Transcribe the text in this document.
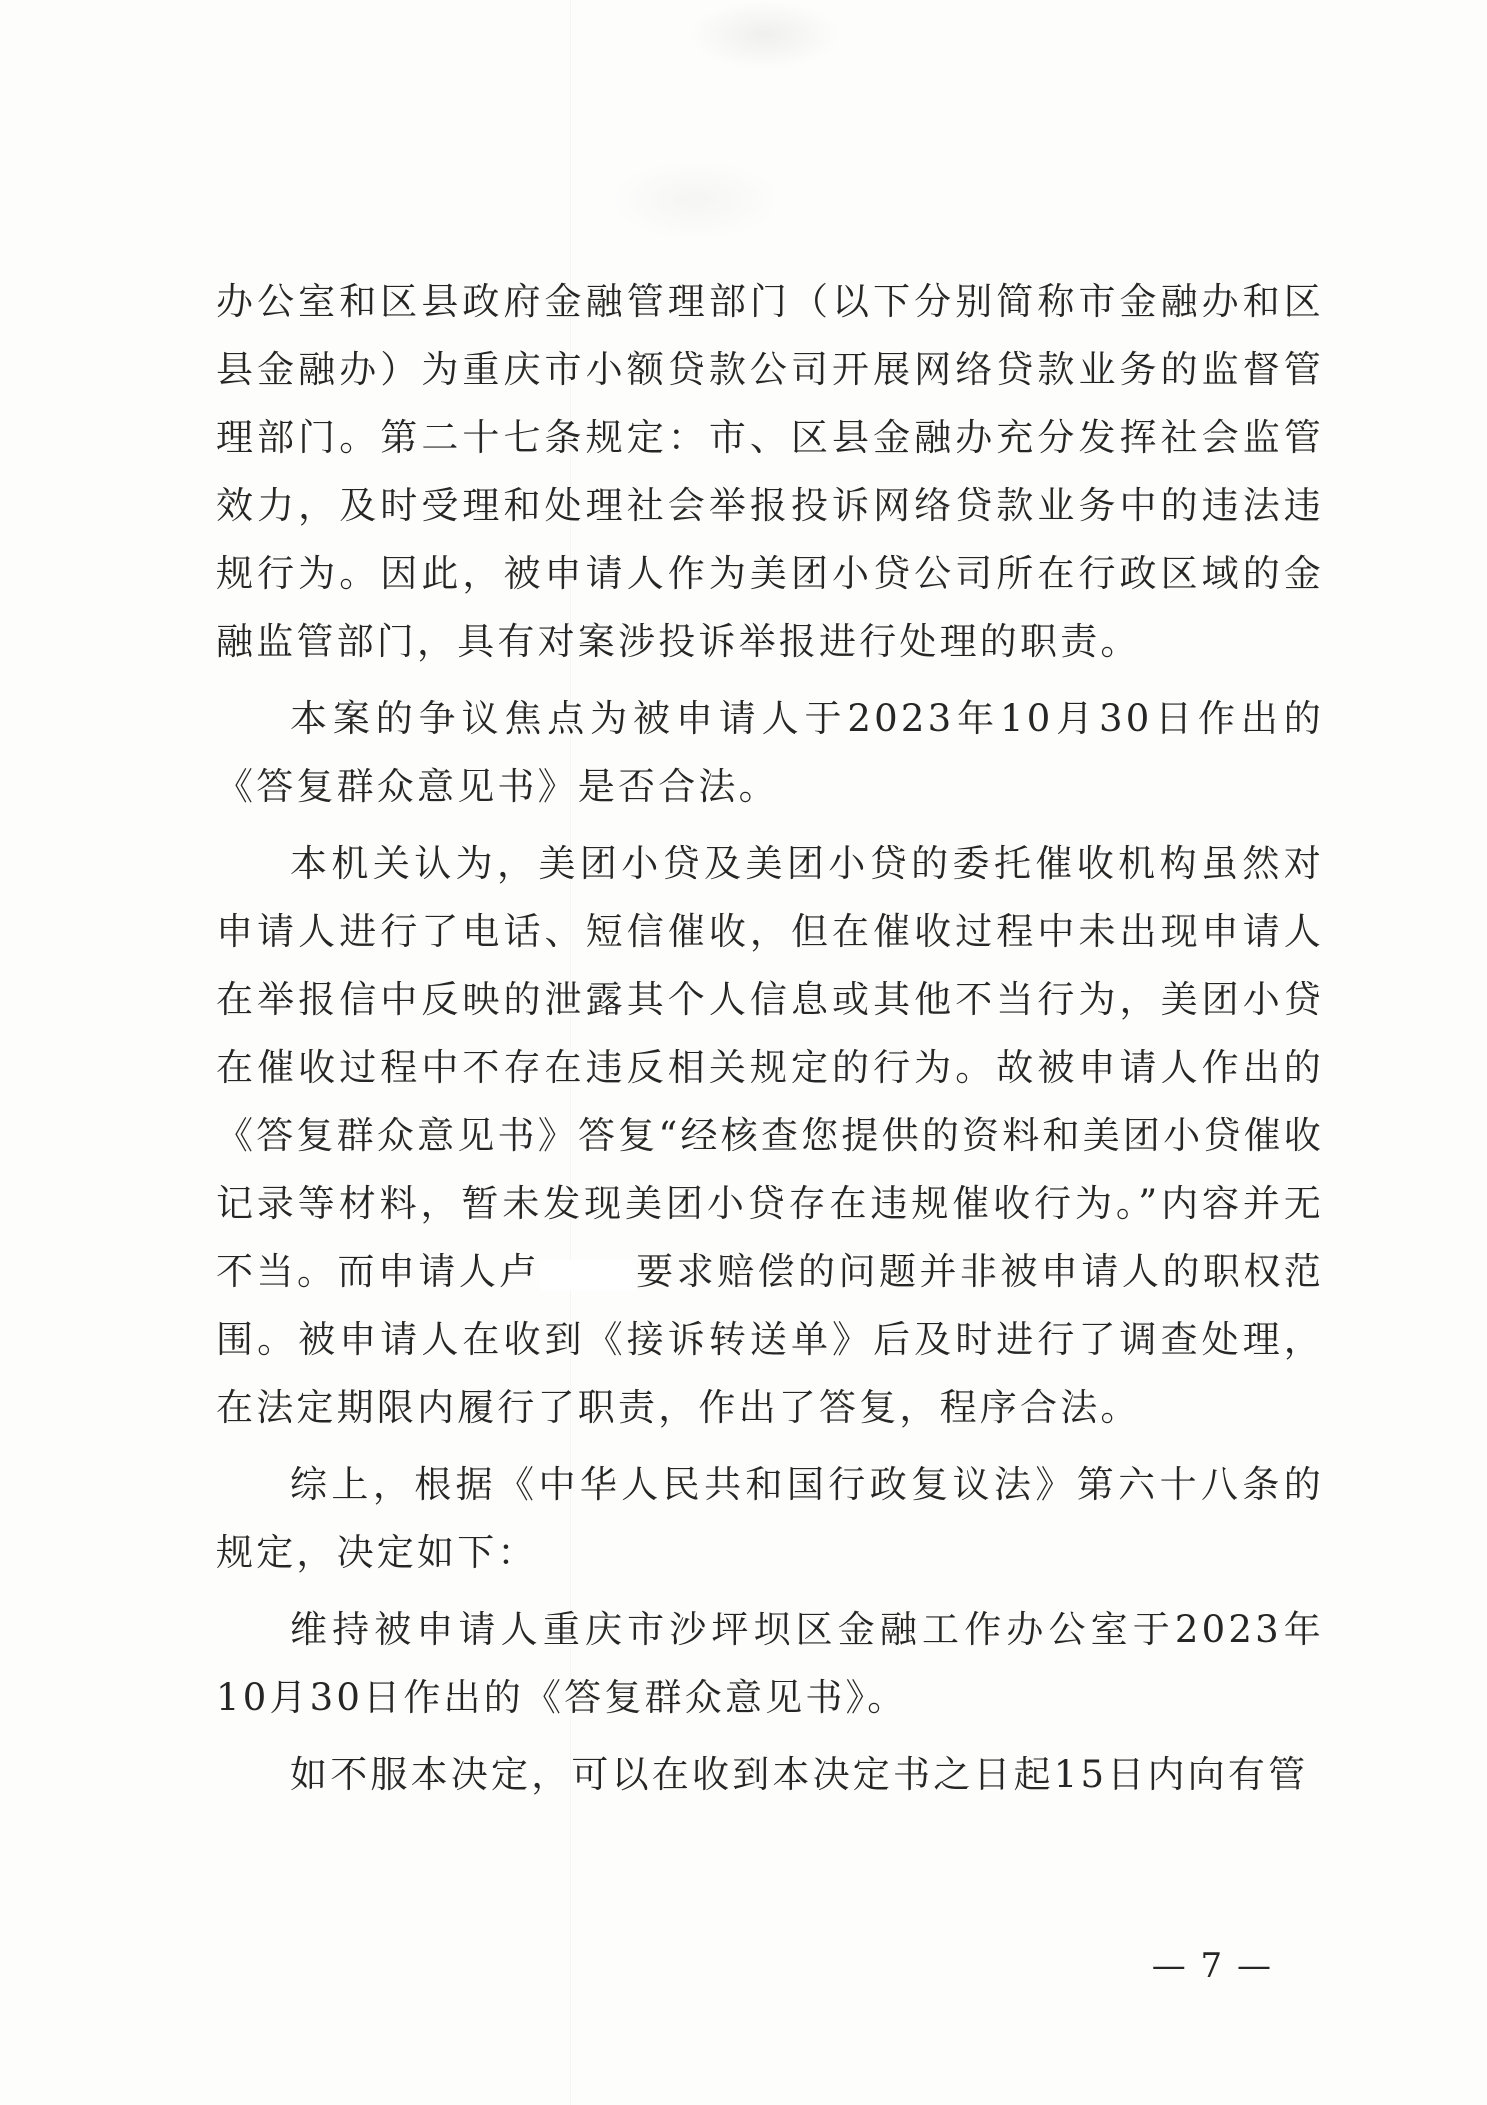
办公室和区县政府金融管理部门（以下分别简称市金融办和区县金融办）为重庆市小额贷款公司开展网络贷款业务的监督管理部门。第二十七条规定：市、区县金融办充分发挥社会监管效力，及时受理和处理社会举报投诉网络贷款业务中的违法违规行为。因此，被申请人作为美团小贷公司所在行政区域的金融监管部门，具有对案涉投诉举报进行处理的职责。

本案的争议焦点为被申请人于2023年10月30日作出的《答复群众意见书》是否合法。

本机关认为，美团小贷及美团小贷的委托催收机构虽然对申请人进行了电话、短信催收，但在催收过程中未出现申请人在举报信中反映的泄露其个人信息或其他不当行为，美团小贷在催收过程中不存在违反相关规定的行为。故被申请人作出的《答复群众意见书》答复“经核查您提供的资料和美团小贷催收记录等材料，暂未发现美团小贷存在违规催收行为。”内容并无不当。而申请人卢	要求赔偿的问题并非被申请人的职权范围。被申请人在收到《接诉转送单》后及时进行了调查处理，在法定期限内履行了职责，作出了答复，程序合法。

综上，根据《中华人民共和国行政复议法》第六十八条的规定，决定如下：

维持被申请人重庆市沙坪坝区金融工作办公室于2023年10月30日作出的《答复群众意见书》。

如不服本决定，可以在收到本决定书之日起15日内向有管

— 7 —
